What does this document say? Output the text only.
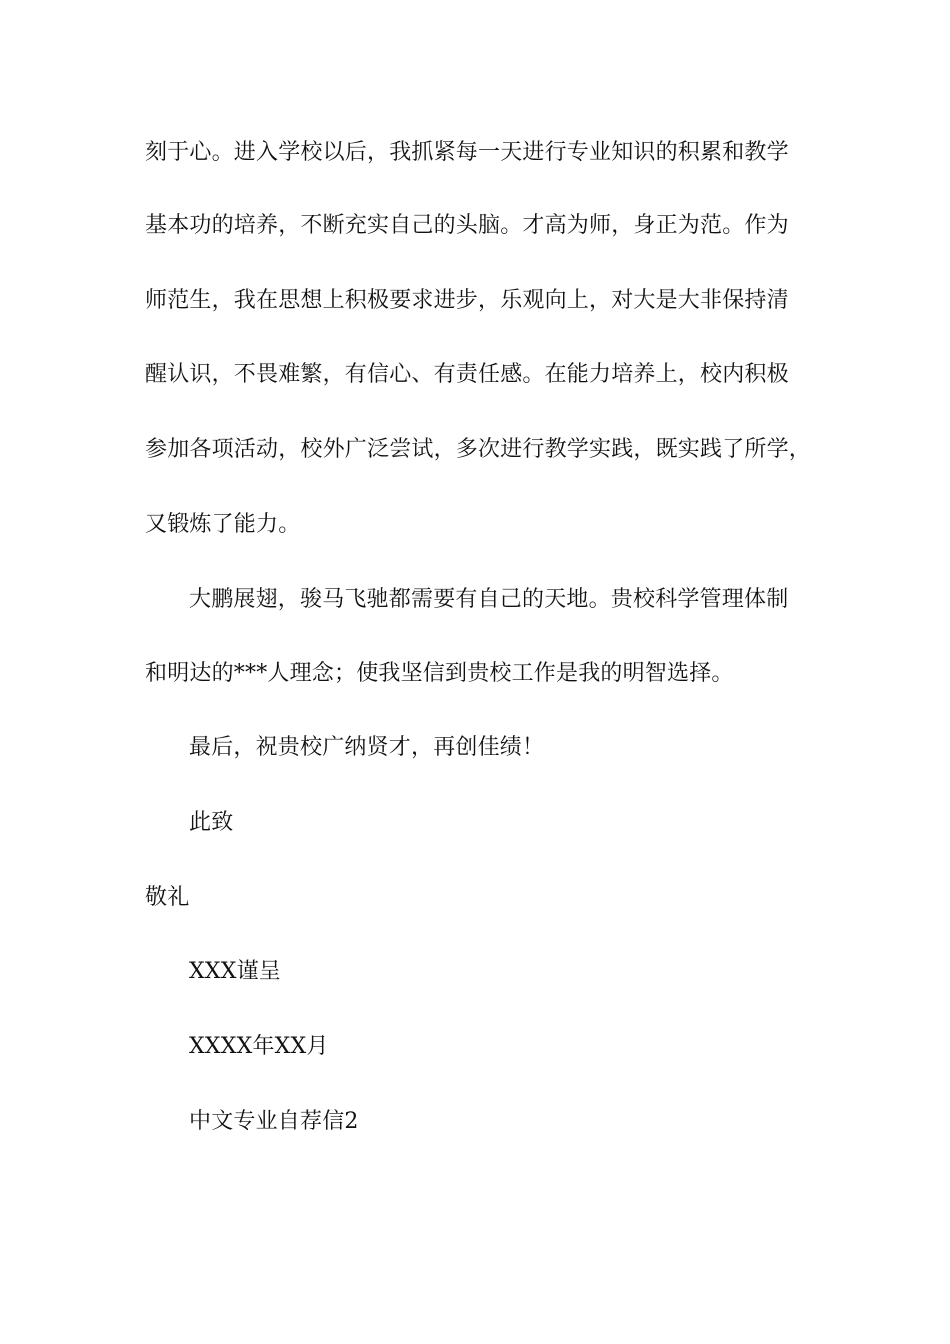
刻于心。进入学校以后，我抓紧每一天进行专业知识的积累和教学
基本功的培养，不断充实自己的头脑。才高为师，身正为范。作为
师范生，我在思想上积极要求进步，乐观向上，对大是大非保持清
醒认识，不畏难繁，有信心、有责任感。在能力培养上，校内积极
参加各项活动，校外广泛尝试，多次进行教学实践，既实践了所学，
又锻炼了能力。
大鹏展翅，骏马飞驰都需要有自己的天地。贵校科学管理体制
和明达的***人理念；使我坚信到贵校工作是我的明智选择。
最后，祝贵校广纳贤才，再创佳绩！
此致
敬礼
XXX谨呈
XXXX年XX月
中文专业自荐信2
